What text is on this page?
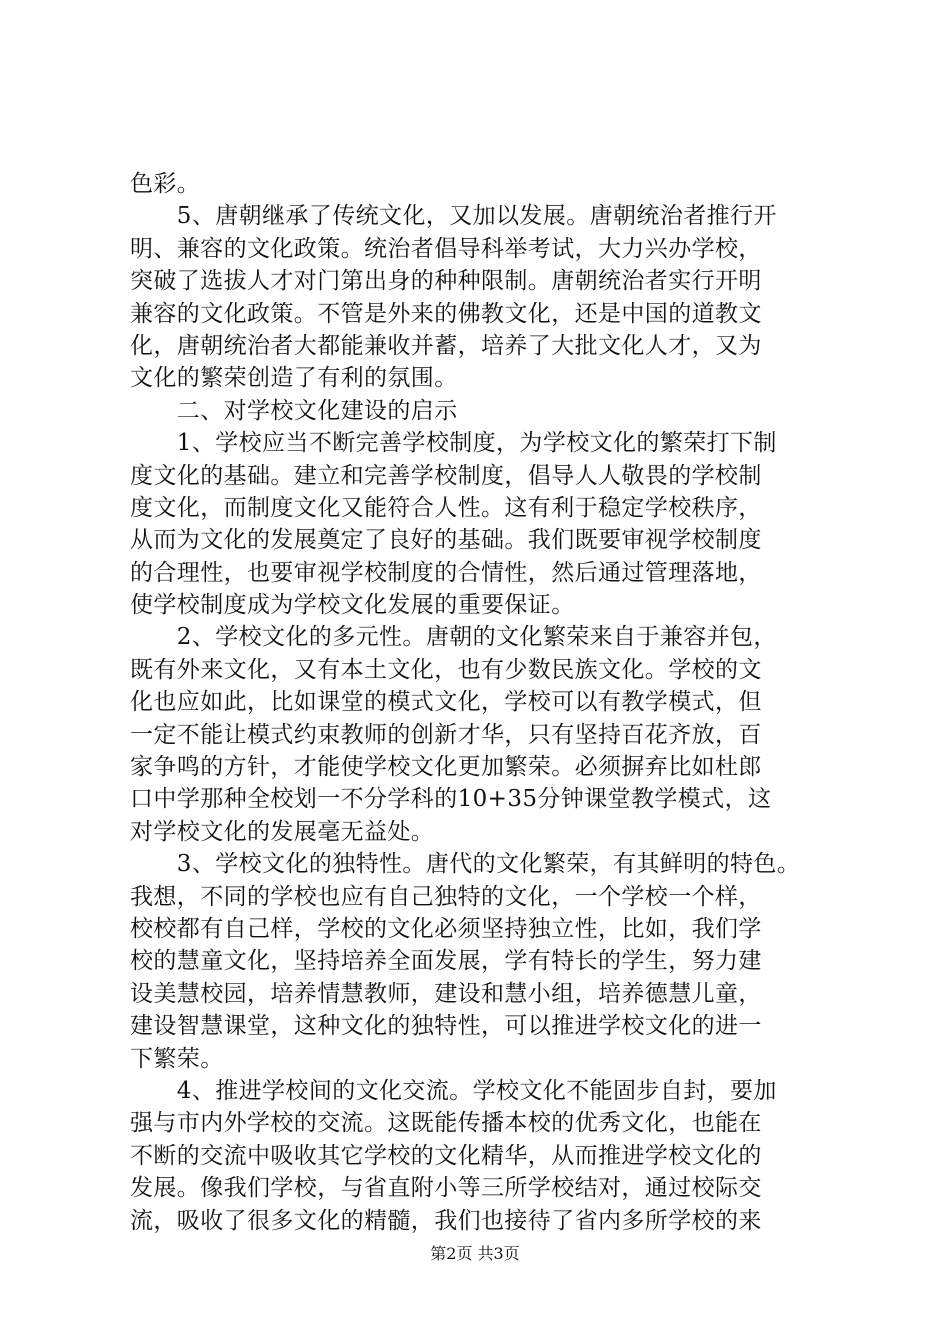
色彩。
　　5、唐朝继承了传统文化，又加以发展。唐朝统治者推行开
明、兼容的文化政策。统治者倡导科举考试，大力兴办学校，
突破了选拔人才对门第出身的种种限制。唐朝统治者实行开明
兼容的文化政策。不管是外来的佛教文化，还是中国的道教文
化，唐朝统治者大都能兼收并蓄，培养了大批文化人才，又为
文化的繁荣创造了有利的氛围。
　　二、对学校文化建设的启示
　　1、学校应当不断完善学校制度，为学校文化的繁荣打下制
度文化的基础。建立和完善学校制度，倡导人人敬畏的学校制
度文化，而制度文化又能符合人性。这有利于稳定学校秩序，
从而为文化的发展奠定了良好的基础。我们既要审视学校制度
的合理性，也要审视学校制度的合情性，然后通过管理落地，
使学校制度成为学校文化发展的重要保证。
　　2、学校文化的多元性。唐朝的文化繁荣来自于兼容并包，
既有外来文化，又有本土文化，也有少数民族文化。学校的文
化也应如此，比如课堂的模式文化，学校可以有教学模式，但
一定不能让模式约束教师的创新才华，只有坚持百花齐放，百
家争鸣的方针，才能使学校文化更加繁荣。必须摒弃比如杜郎
口中学那种全校划一不分学科的10+35分钟课堂教学模式，这
对学校文化的发展毫无益处。
　　3、学校文化的独特性。唐代的文化繁荣，有其鲜明的特色。
我想，不同的学校也应有自己独特的文化，一个学校一个样，
校校都有自己样，学校的文化必须坚持独立性，比如，我们学
校的慧童文化，坚持培养全面发展，学有特长的学生，努力建
设美慧校园，培养情慧教师，建设和慧小组，培养德慧儿童，
建设智慧课堂，这种文化的独特性，可以推进学校文化的进一
下繁荣。
　　4、推进学校间的文化交流。学校文化不能固步自封，要加
强与市内外学校的交流。这既能传播本校的优秀文化，也能在
不断的交流中吸收其它学校的文化精华，从而推进学校文化的
发展。像我们学校，与省直附小等三所学校结对，通过校际交
流，吸收了很多文化的精髓，我们也接待了省内多所学校的来
第2页 共3页
